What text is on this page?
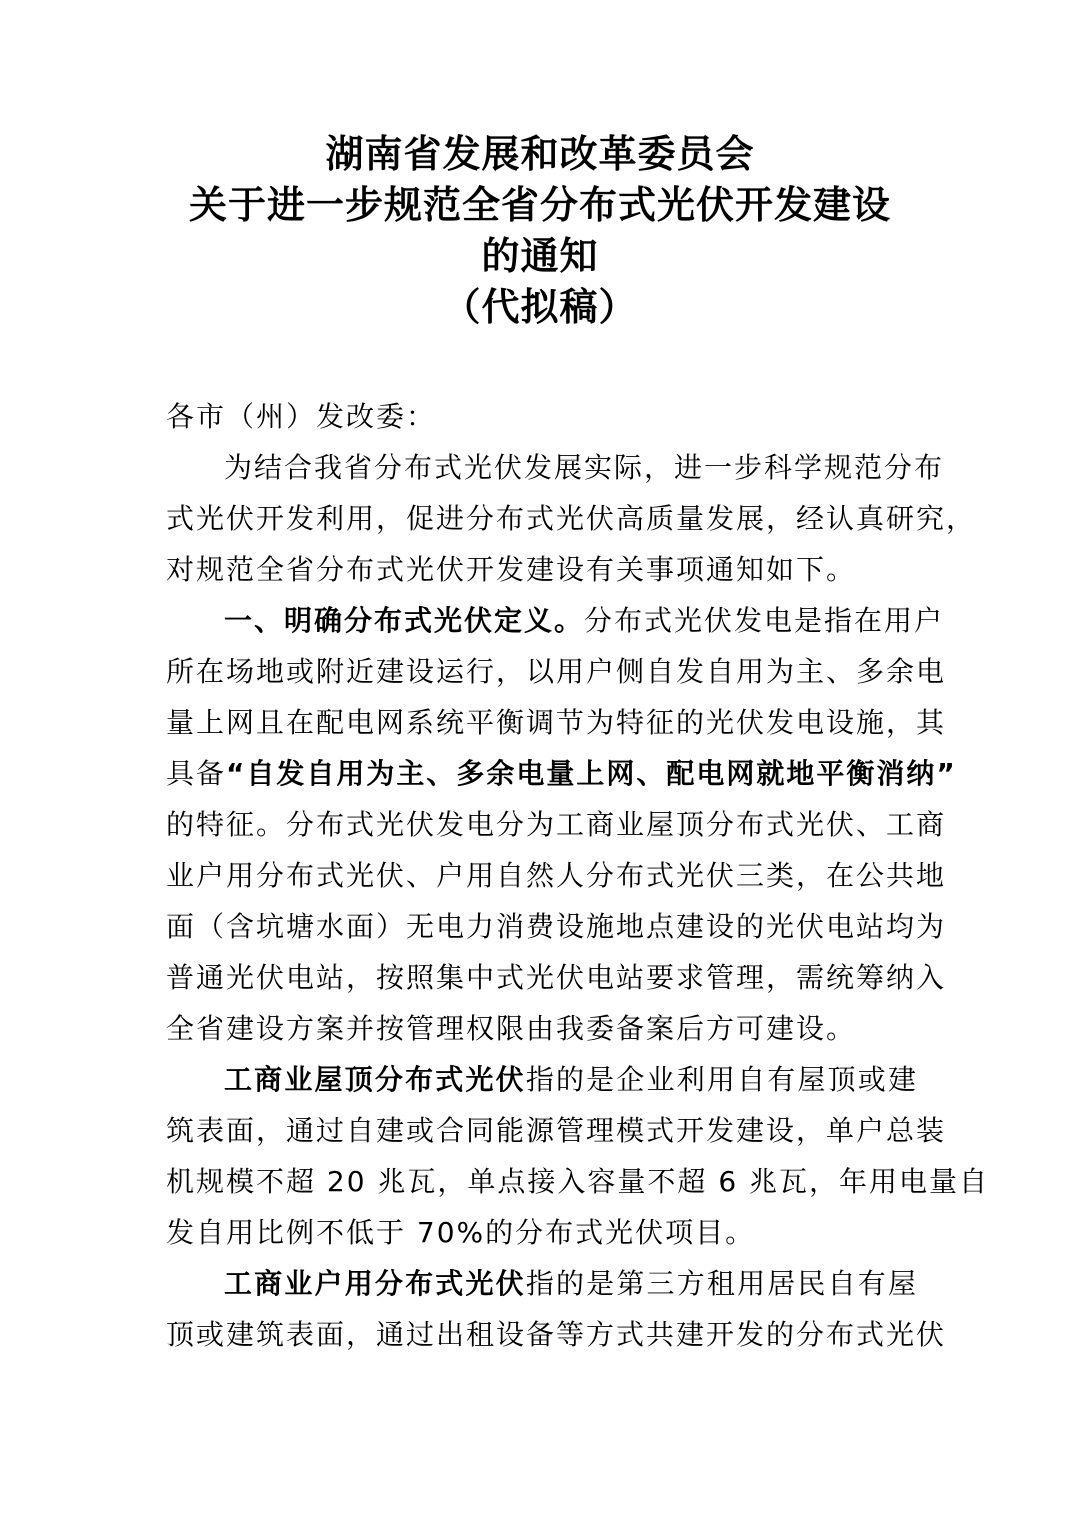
湖南省发展和改革委员会
关于进一步规范全省分布式光伏开发建设
的通知
（代拟稿）
各市（州）发改委：
为结合我省分布式光伏发展实际，进一步科学规范分布
式光伏开发利用，促进分布式光伏高质量发展，经认真研究，
对规范全省分布式光伏开发建设有关事项通知如下。
一、明确分布式光伏定义。分布式光伏发电是指在用户
所在场地或附近建设运行，以用户侧自发自用为主、多余电
量上网且在配电网系统平衡调节为特征的光伏发电设施，其
具备“自发自用为主、多余电量上网、配电网就地平衡消纳”
的特征。分布式光伏发电分为工商业屋顶分布式光伏、工商
业户用分布式光伏、户用自然人分布式光伏三类，在公共地
面（含坑塘水面）无电力消费设施地点建设的光伏电站均为
普通光伏电站，按照集中式光伏电站要求管理，需统筹纳入
全省建设方案并按管理权限由我委备案后方可建设。
工商业屋顶分布式光伏指的是企业利用自有屋顶或建
筑表面，通过自建或合同能源管理模式开发建设，单户总装
机规模不超 20 兆瓦，单点接入容量不超 6 兆瓦，年用电量自
发自用比例不低于 70%的分布式光伏项目。
工商业户用分布式光伏指的是第三方租用居民自有屋
顶或建筑表面，通过出租设备等方式共建开发的分布式光伏
